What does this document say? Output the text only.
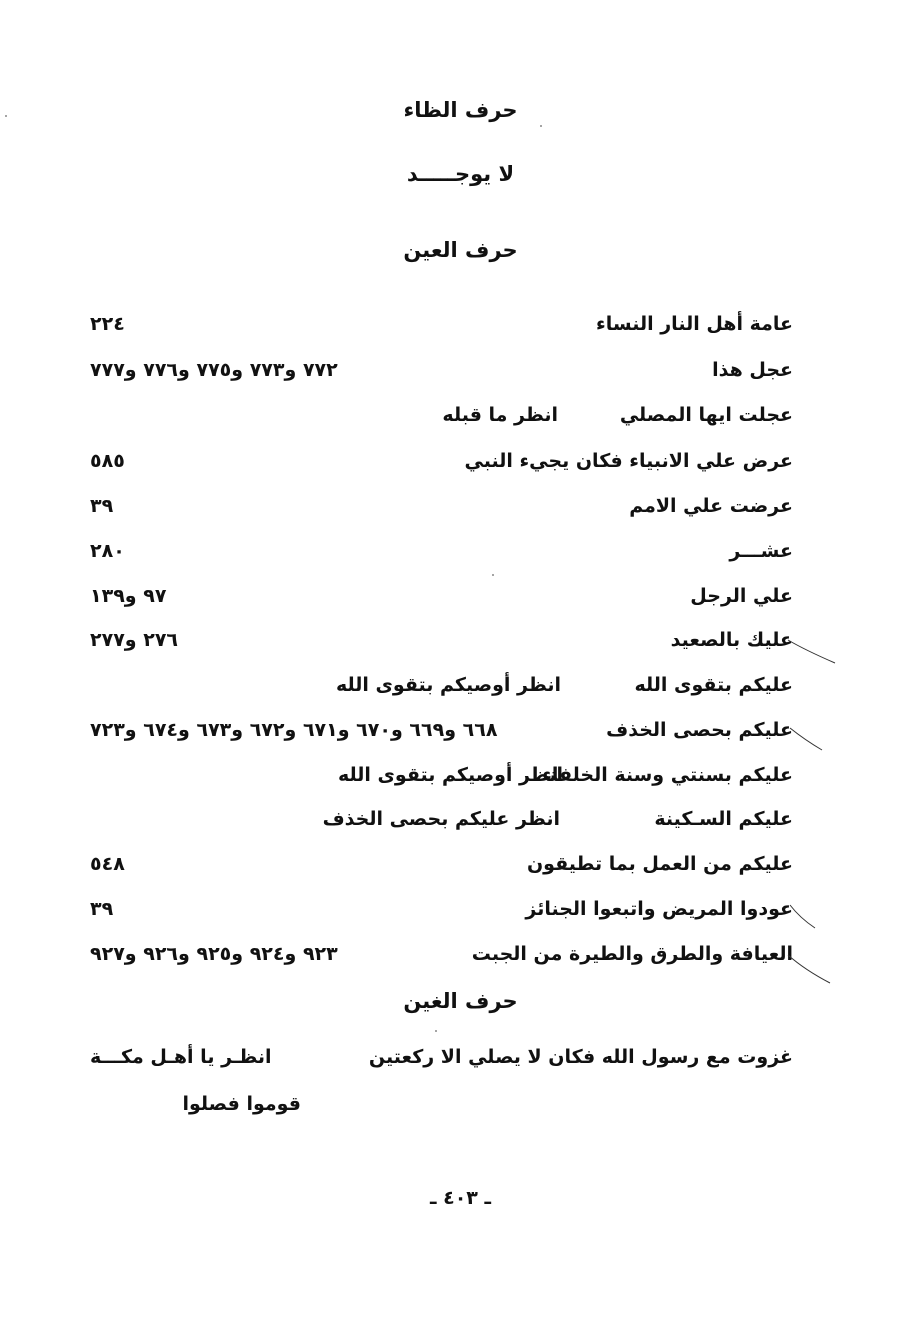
حرف الظاء
لا يوجـــــد
حرف العين
عامة أهل النار النساء
٢٢٤
عجل هذا
٧٧٢ و٧٧٣ و٧٧٥ و٧٧٦ و٧٧٧
عجلت ايها المصلي
انظر ما قبله
عرض علي الانبياء فكان يجيء النبي
٥٨٥
عرضت علي الامم
٣٩
عشـــر
٢٨٠
علي الرجل
٩٧ و١٣٩
عليك بالصعيد
٢٧٦ و٢٧٧
عليكم بتقوى الله
انظر أوصيكم بتقوى الله
عليكم بحصى الخذف
٦٦٨ و٦٦٩ و٦٧٠ و٦٧١ و٦٧٢ و٦٧٣ و٦٧٤ و٧٢٣
عليكم بسنتي وسنة الخلفاء
انظر أوصيكم بتقوى الله
عليكم السـكينة
انظر عليكم بحصى الخذف
عليكم من العمل بما تطيقون
٥٤٨
عودوا المريض واتبعوا الجنائز
٣٩
العيافة والطرق والطيرة من الجبت
٩٢٣ و٩٢٤ و٩٢٥ و٩٢٦ و٩٢٧
حرف الغين
غزوت مع رسول الله فكان لا يصلي الا ركعتين
انظـر يا أهـل مكـــة
قوموا فصلوا
ـ ٤٠٣ ـ
